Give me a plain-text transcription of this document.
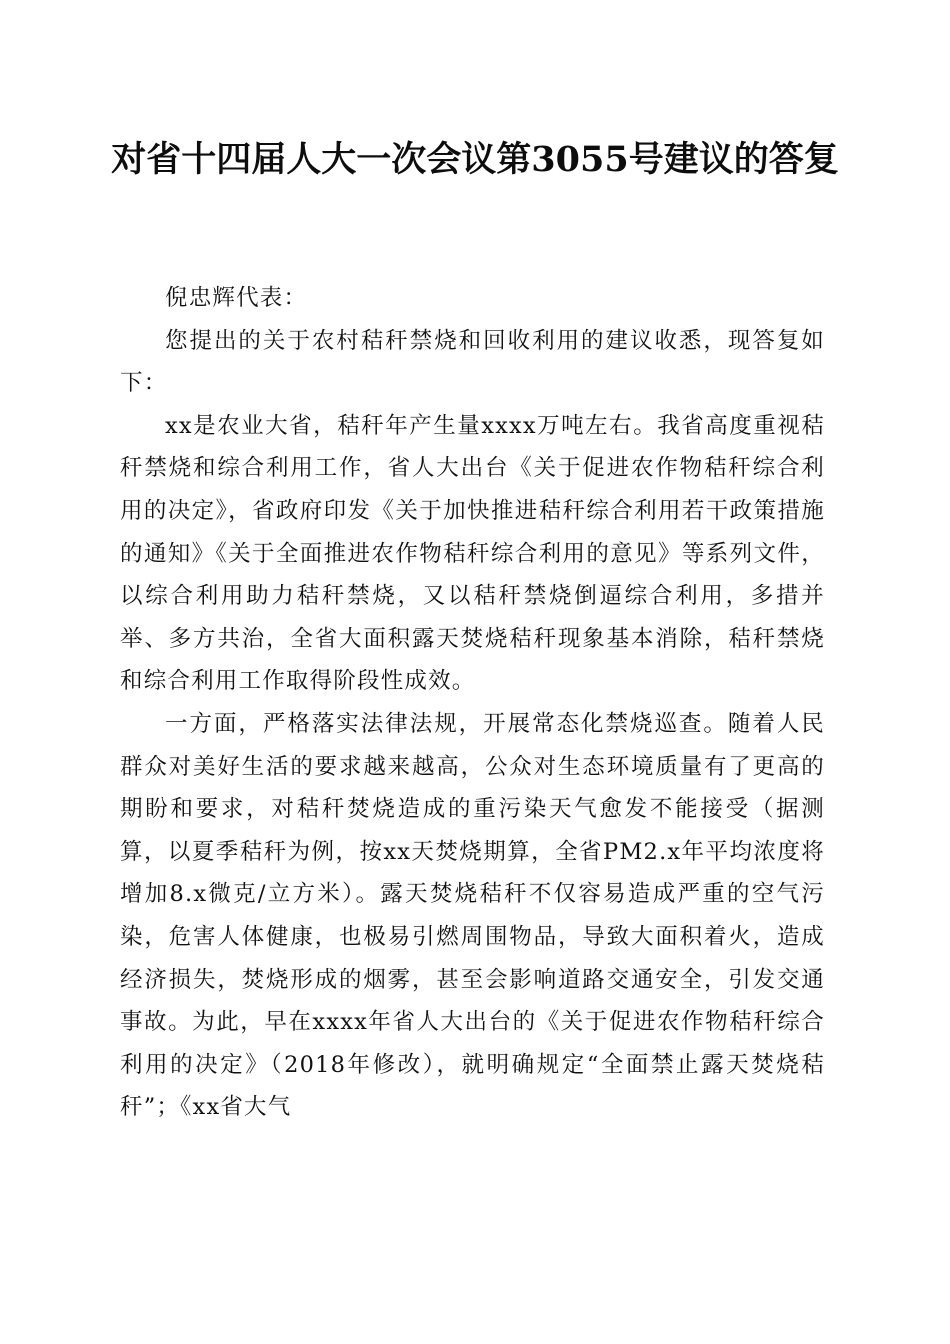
对省十四届人大一次会议第3055号建议的答复

倪忠辉代表：

您提出的关于农村秸秆禁烧和回收利用的建议收悉，现答复如下：

xx是农业大省，秸秆年产生量xxxx万吨左右。我省高度重视秸秆禁烧和综合利用工作，省人大出台《关于促进农作物秸秆综合利用的决定》，省政府印发《关于加快推进秸秆综合利用若干政策措施的通知》《关于全面推进农作物秸秆综合利用的意见》等系列文件，以综合利用助力秸秆禁烧，又以秸秆禁烧倒逼综合利用，多措并举、多方共治，全省大面积露天焚烧秸秆现象基本消除，秸秆禁烧和综合利用工作取得阶段性成效。

一方面，严格落实法律法规，开展常态化禁烧巡查。随着人民群众对美好生活的要求越来越高，公众对生态环境质量有了更高的期盼和要求，对秸秆焚烧造成的重污染天气愈发不能接受（据测算，以夏季秸秆为例，按xx天焚烧期算，全省PM2.x年平均浓度将增加8.x微克/立方米）。露天焚烧秸秆不仅容易造成严重的空气污染，危害人体健康，也极易引燃周围物品，导致大面积着火，造成经济损失，焚烧形成的烟雾，甚至会影响道路交通安全，引发交通事故。为此，早在xxxx年省人大出台的《关于促进农作物秸秆综合利用的决定》（2018年修改），就明确规定“全面禁止露天焚烧秸秆”；《xx省大气
